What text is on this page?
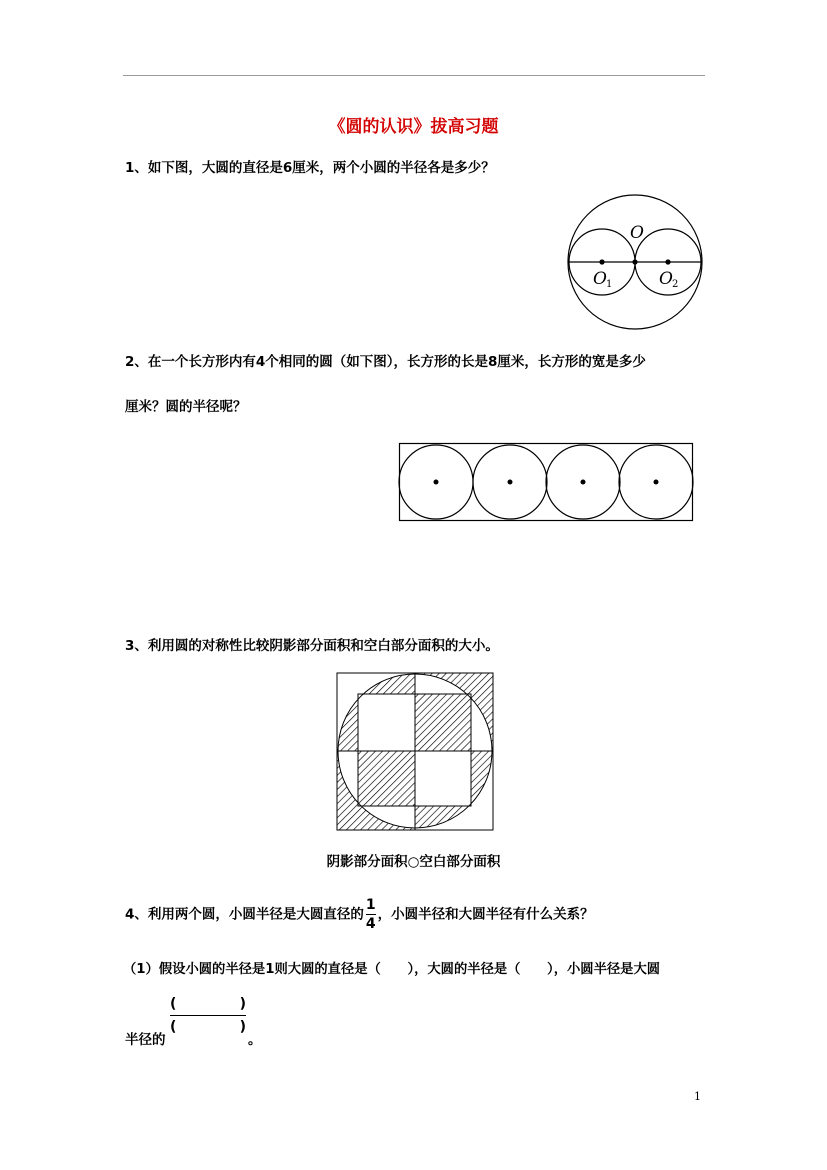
《圆的认识》拔高习题
1、如下图，大圆的直径是6厘米，两个小圆的半径各是多少？
O
O 1	O 2
2、在一个长方形内有4个相同的圆（如下图），长方形的长是8厘米，长方形的宽是多少
厘米？圆的半径呢？
3、利用圆的对称性比较阴影部分面积和空白部分面积的大小。
阴影部分面积○空白部分面积
4、利用两个圆，小圆半径是大圆直径的 $\frac{1}{4}$ ，小圆半径和大圆半径有什么关系？
（1）假设小圆的半径是1则大圆的直径是（　　），大圆的半径是（　　），小圆半径是大圆
(	)
(	)
半径的	。
1
